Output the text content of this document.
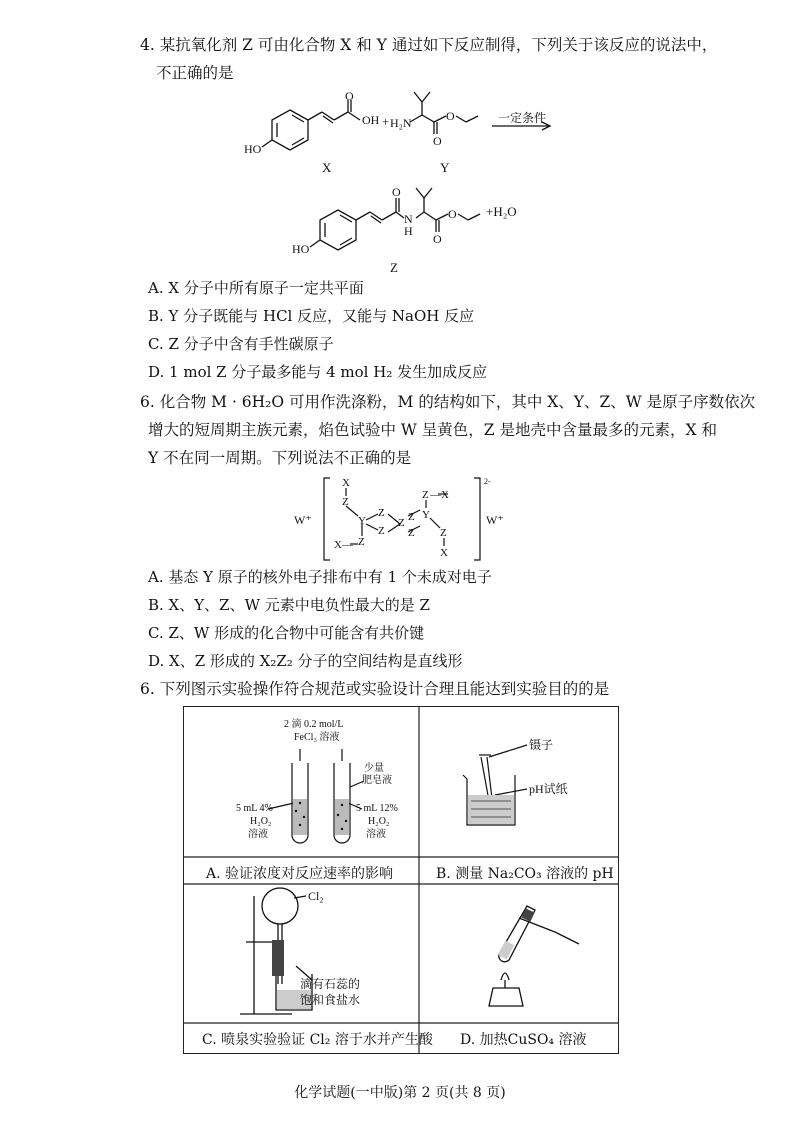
4. 某抗氧化剂 Z 可由化合物 X 和 Y 通过如下反应制得，下列关于该反应的说法中，
不正确的是
HO
OH
O
H₂N	O
O
HO
O
N
H
O
O
+	一定条件
+H₂O
X	Y
Z
A. X 分子中所有原子一定共平面
B. Y 分子既能与 HCl 反应，又能与 NaOH 反应
C. Z 分子中含有手性碳原子
D. 1 mol Z 分子最多能与 4 mol H₂ 发生加成反应
6. 化合物 M · 6H₂O 可用作洗涤粉，M 的结构如下，其中 X、Y、Z、W 是原子序数依次
增大的短周期主族元素，焰色试验中 W 呈黄色，Z 是地壳中含量最多的元素，X 和
Y 不在同一周期。下列说法不正确的是
X
Z
Y
Z
X—
Z
Z
Z Z
Z
Z —X
Y
Z
X
2-
W⁺	W⁺
A. 基态 Y 原子的核外电子排布中有 1 个未成对电子
B. X、Y、Z、W 元素中电负性最大的是 Z
C. Z、W 形成的化合物中可能含有共价键
D. X、Z 形成的 X₂Z₂ 分子的空间结构是直线形
6. 下列图示实验操作符合规范或实验设计合理且能达到实验目的的是
2 滴 0.2 mol/L
FeCl₃ 溶液
少量
肥皂液
5 mL 4%
H₂O₂
溶液
5 mL 12%
H₂O₂
溶液
A. 验证浓度对反应速率的影响
镊子
pH试纸
B. 测量 Na₂CO₃ 溶液的 pH
Cl₂
滴有石蕊的
饱和食盐水
C. 喷泉实验验证 Cl₂ 溶于水并产生酸 D. 加热CuSO₄ 溶液
化学试题(一中版)第 2 页(共 8 页)
